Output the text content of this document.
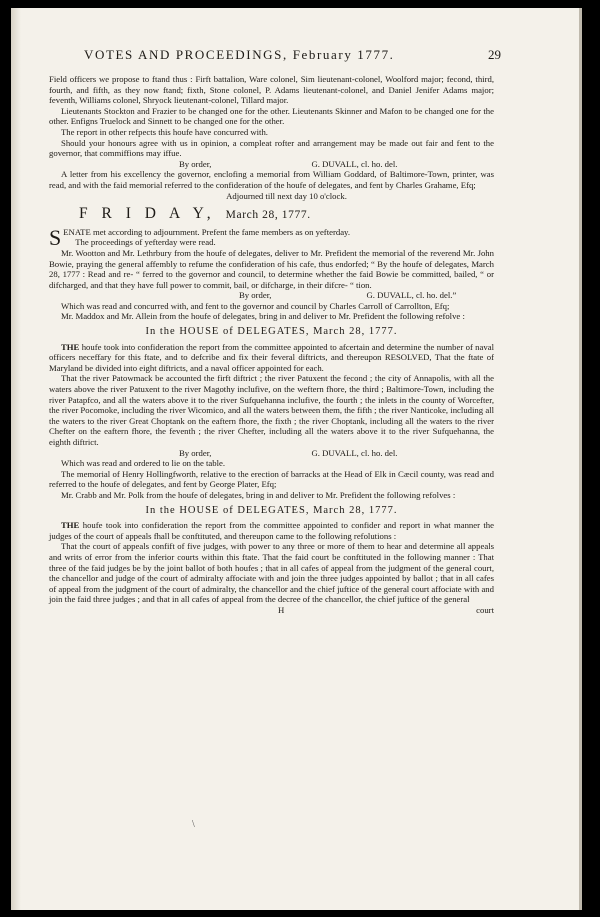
VOTES AND PROCEEDINGS, February 1777.	29

Field officers we propose to ftand thus : Firft battalion, Ware colonel, Sim lieutenant-colonel, Woolford major; fecond, third, fourth, and fifth, as they now ftand; fixth, Stone colonel, P. Adams lieutenant-colonel, and Daniel Jenifer Adams major; feventh, Williams colonel, Shryock lieutenant-colonel, Tillard major.

Lieutenants Stockton and Frazier to be changed one for the other. Lieutenants Skinner and Mafon to be changed one for the other. Enfigns Truelock and Sinnett to be changed one for the other.

The report in other refpects this houfe have concurred with.

Should your honours agree with us in opinion, a compleat rofter and arrangement may be made out fair and fent to the governor, that commiffions may iffue.

By order,	G. DUVALL, cl. ho. del.

A letter from his excellency the governor, enclofing a memorial from William Goddard, of Baltimore-Town, printer, was read, and with the faid memorial referred to the confideration of the houfe of delegates, and fent by Charles Grahame, Efq;

Adjourned till next day 10 o'clock.

F R I D A Y, March 28, 1777.

SENATE met according to adjournment. Prefent the fame members as on yefterday.

The proceedings of yefterday were read.

Mr. Wootton and Mr. Lethrbury from the houfe of delegates, deliver to Mr. Prefident the memorial of the reverend Mr. John Bowie, praying the general affembly to refume the confideration of his cafe, thus endorfed; “ By the houfe of delegates, March 28, 1777 : Read and re- “ ferred to the governor and council, to determine whether the faid Bowie be committed, bailed, “ or difcharged, and that they have full power to commit, bail, or difcharge, in their difcre- “ tion.

By order,	G. DUVALL, cl. ho. del.”

Which was read and concurred with, and fent to the governor and council by Charles Carroll of Carrollton, Efq;

Mr. Maddox and Mr. Allein from the houfe of delegates, bring in and deliver to Mr. Prefident the following refolve :

In the HOUSE of DELEGATES, March 28, 1777.

THE houfe took into confideration the report from the committee appointed to afcertain and determine the number of naval officers neceffary for this ftate, and to defcribe and fix their feveral diftricts, and thereupon RESOLVED, That the ftate of Maryland be divided into eight diftricts, and a naval officer appointed for each.

That the river Patowmack be accounted the firft diftrict ; the river Patuxent the fecond ; the city of Annapolis, with all the waters above the river Patuxent to the river Magothy inclufive, on the weftern fhore, the third ; Baltimore-Town, including the river Patapfco, and all the waters above it to the river Sufquehanna inclufive, the fourth ; the inlets in the county of Worcefter, the river Pocomoke, including the river Wicomico, and all the waters between them, the fifth ; the river Nanticoke, including all the waters to the river Great Choptank on the eaftern fhore, the fixth ; the river Choptank, including all the waters to the river Chefter on the eaftern fhore, the feventh ; the river Chefter, including all the waters above it to the river Sufquehanna, the eighth diftrict.

By order,	G. DUVALL, cl. ho. del.

Which was read and ordered to lie on the table.

The memorial of Henry Hollingfworth, relative to the erection of barracks at the Head of Elk in Cæcil county, was read and referred to the houfe of delegates, and fent by George Plater, Efq;

Mr. Crabb and Mr. Polk from the houfe of delegates, bring in and deliver to Mr. Prefident the following refolves :

In the HOUSE of DELEGATES, March 28, 1777.

THE houfe took into confideration the report from the committee appointed to confider and report in what manner the judges of the court of appeals fhall be conftituted, and thereupon came to the following refolutions :

That the court of appeals confift of five judges, with power to any three or more of them to hear and determine all appeals and writs of error from the inferior courts within this ftate. That the faid court be conftituted in the following manner : That three of the faid judges be by the joint ballot of both houfes ; that in all cafes of appeal from the judgment of the general court, the chancellor and judge of the court of admiralty affociate with and join the three judges appointed by ballot ; that in all cafes of appeal from the judgment of the court of admiralty, the chancellor and the chief juftice of the general court affociate with and join the faid three judges ; and that in all cafes of appeal from the decree of the chancellor, the chief juftice of the general

H	court

\
